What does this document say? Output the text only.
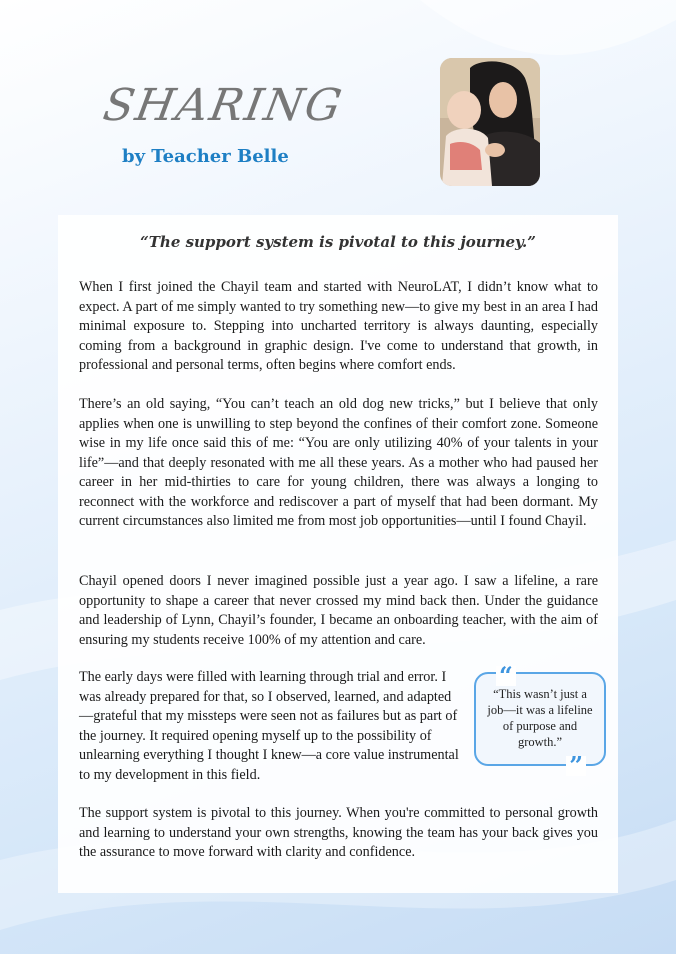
SHARING
by Teacher Belle
“The support system is pivotal to this journey.”

When I first joined the Chayil team and started with NeuroLAT, I didn’t know what to expect. A part of me simply wanted to try something new—to give my best in an area I had minimal exposure to. Stepping into uncharted territory is always daunting, especially coming from a background in graphic design. I've come to understand that growth, in professional and personal terms, often begins where comfort ends.

There’s an old saying, “You can’t teach an old dog new tricks,” but I believe that only applies when one is unwilling to step beyond the confines of their comfort zone. Someone wise in my life once said this of me: “You are only utilizing 40% of your talents in your life”—and that deeply resonated with me all these years. As a mother who had paused her career in her mid-thirties to care for young children, there was always a longing to reconnect with the workforce and rediscover a part of myself that had been dormant. My current circumstances also limited me from most job opportunities—until I found Chayil.

Chayil opened doors I never imagined possible just a year ago. I saw a lifeline, a rare opportunity to shape a career that never crossed my mind back then. Under the guidance and leadership of Lynn, Chayil’s founder, I became an onboarding teacher, with the aim of ensuring my students receive 100% of my attention and care.

The early days were filled with learning through trial and error. I was already prepared for that, so I observed, learned, and adapted—grateful that my missteps were seen not as failures but as part of the journey. It required opening myself up to the possibility of unlearning everything I thought I knew—a core value instrumental to my development in this field.

“
“This wasn’t just a job—it was a lifeline of purpose and growth.”
”

The support system is pivotal to this journey. When you're committed to personal growth and learning to understand your own strengths, knowing the team has your back gives you the assurance to move forward with clarity and confidence.
